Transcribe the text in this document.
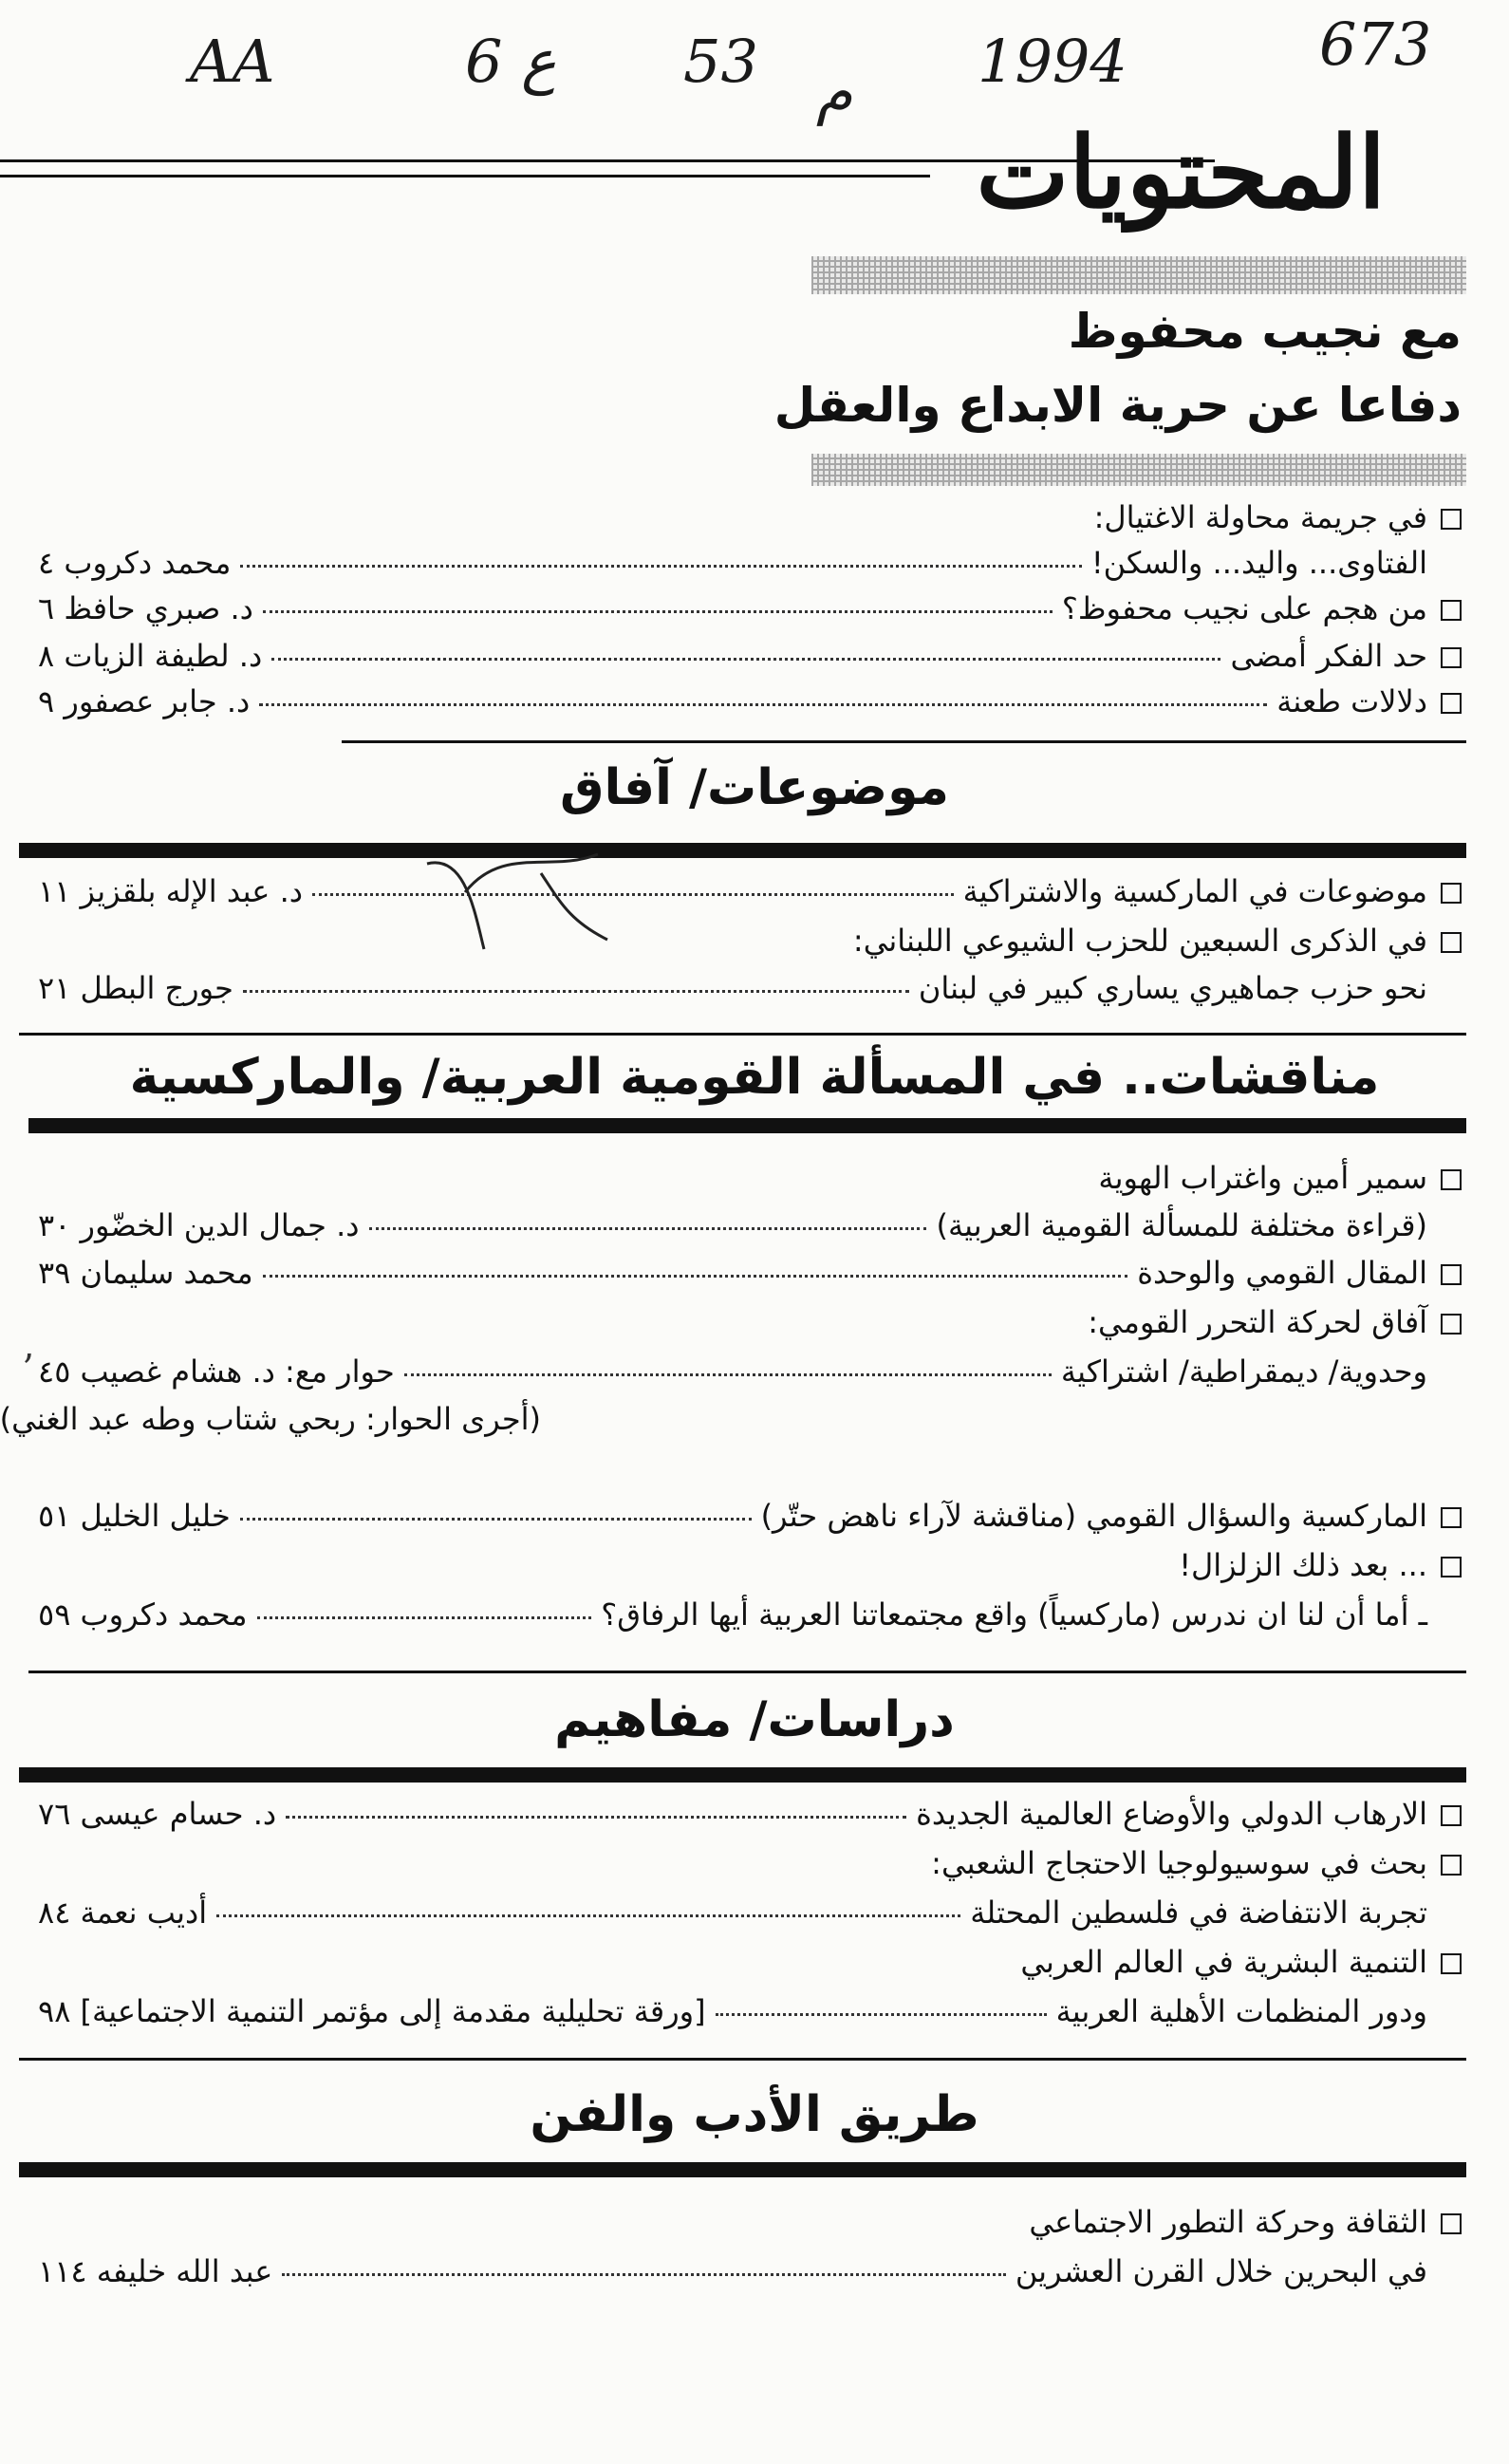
AA	6 ع 53 م 1994	673
المحتويات
مع نجيب محفوظ
دفاعا عن حرية الابداع والعقل
في جريمة محاولة الاغتيال:
الفتاوى... واليد... والسكن!
محمد دكروب ٤
من هجم على نجيب محفوظ؟
د. صبري حافظ ٦
حد الفكر أمضى
د. لطيفة الزيات ٨
دلالات طعنة
د. جابر عصفور ٩
موضوعات/ آفاق
موضوعات في الماركسية والاشتراكية
د. عبد الإله بلقزيز ١١
في الذكرى السبعين للحزب الشيوعي اللبناني:
نحو حزب جماهيري يساري كبير في لبنان
جورج البطل ٢١
مناقشات.. في المسألة القومية العربية/ والماركسية
سمير أمين واغتراب الهوية
(قراءة مختلفة للمسألة القومية العربية)
د. جمال الدين الخضّور ٣٠
المقال القومي والوحدة
محمد سليمان ٣٩
آفاق لحركة التحرر القومي:
وحدوية/ ديمقراطية/ اشتراكية
حوار مع: د. هشام غصيب ٤٥
(أجرى الحوار: ربحي شتاب وطه عبد الغني)
ʼ
الماركسية والسؤال القومي (مناقشة لآراء ناهض حتّر)
خليل الخليل ٥١
... بعد ذلك الزلزال!
ـ أما أن لنا ان ندرس (ماركسياً) واقع مجتمعاتنا العربية أيها الرفاق؟
محمد دكروب ٥٩
دراسات/ مفاهيم
الارهاب الدولي والأوضاع العالمية الجديدة
د. حسام عيسى ٧٦
بحث في سوسيولوجيا الاحتجاج الشعبي:
تجربة الانتفاضة في فلسطين المحتلة
أديب نعمة ٨٤
التنمية البشرية في العالم العربي
ودور المنظمات الأهلية العربية
[ورقة تحليلية مقدمة إلى مؤتمر التنمية الاجتماعية] ٩٨
طريق الأدب والفن
الثقافة وحركة التطور الاجتماعي
في البحرين خلال القرن العشرين
عبد الله خليفه ١١٤
